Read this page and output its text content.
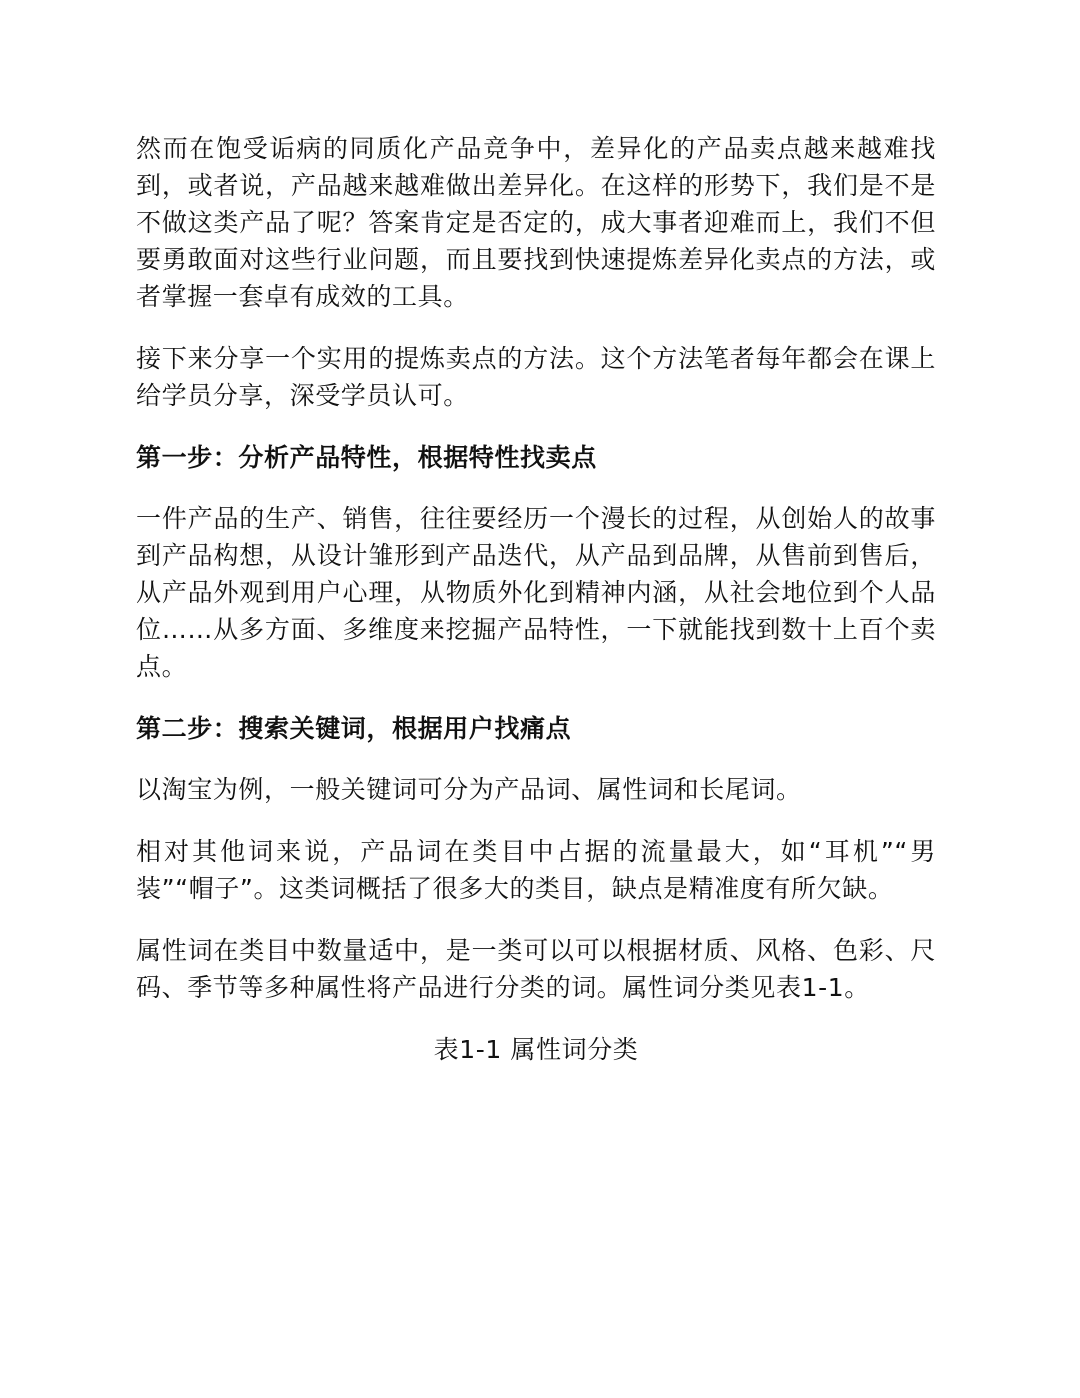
然而在饱受诟病的同质化产品竞争中，差异化的产品卖点越来越难找到，或者说，产品越来越难做出差异化。在这样的形势下，我们是不是不做这类产品了呢？答案肯定是否定的，成大事者迎难而上，我们不但要勇敢面对这些行业问题，而且要找到快速提炼差异化卖点的方法，或者掌握一套卓有成效的工具。

接下来分享一个实用的提炼卖点的方法。这个方法笔者每年都会在课上给学员分享，深受学员认可。

第一步：分析产品特性，根据特性找卖点

一件产品的生产、销售，往往要经历一个漫长的过程，从创始人的故事到产品构想，从设计雏形到产品迭代，从产品到品牌，从售前到售后，从产品外观到用户心理，从物质外化到精神内涵，从社会地位到个人品位……从多方面、多维度来挖掘产品特性，一下就能找到数十上百个卖点。

第二步：搜索关键词，根据用户找痛点

以淘宝为例，一般关键词可分为产品词、属性词和长尾词。

相对其他词来说，产品词在类目中占据的流量最大，如“耳机”“男装”“帽子”。这类词概括了很多大的类目，缺点是精准度有所欠缺。

属性词在类目中数量适中，是一类可以可以根据材质、风格、色彩、尺码、季节等多种属性将产品进行分类的词。属性词分类见表1-1。

表1-1 属性词分类
